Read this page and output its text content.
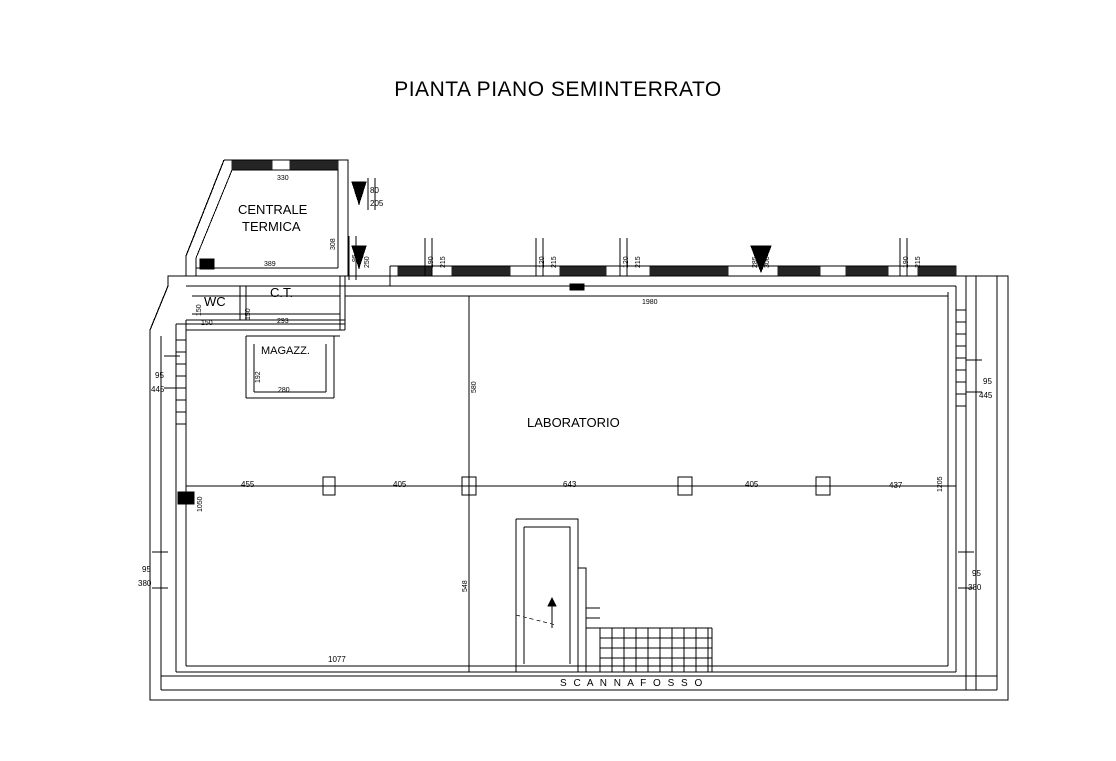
PIANTA PIANO SEMINTERRATO
CENTRALE
TERMICA
WC
C.T.
MAGAZZ.
LABORATORIO
S C A N N A F O S S O
330
389
150	293
280
1980
455	405	643	405	437
1077
308
150	150
192
580
548
1205
1050
80
205
95 250	190 215	120 215	120 215	285 300	190 215
95
445
95
380
95
445
95
380
